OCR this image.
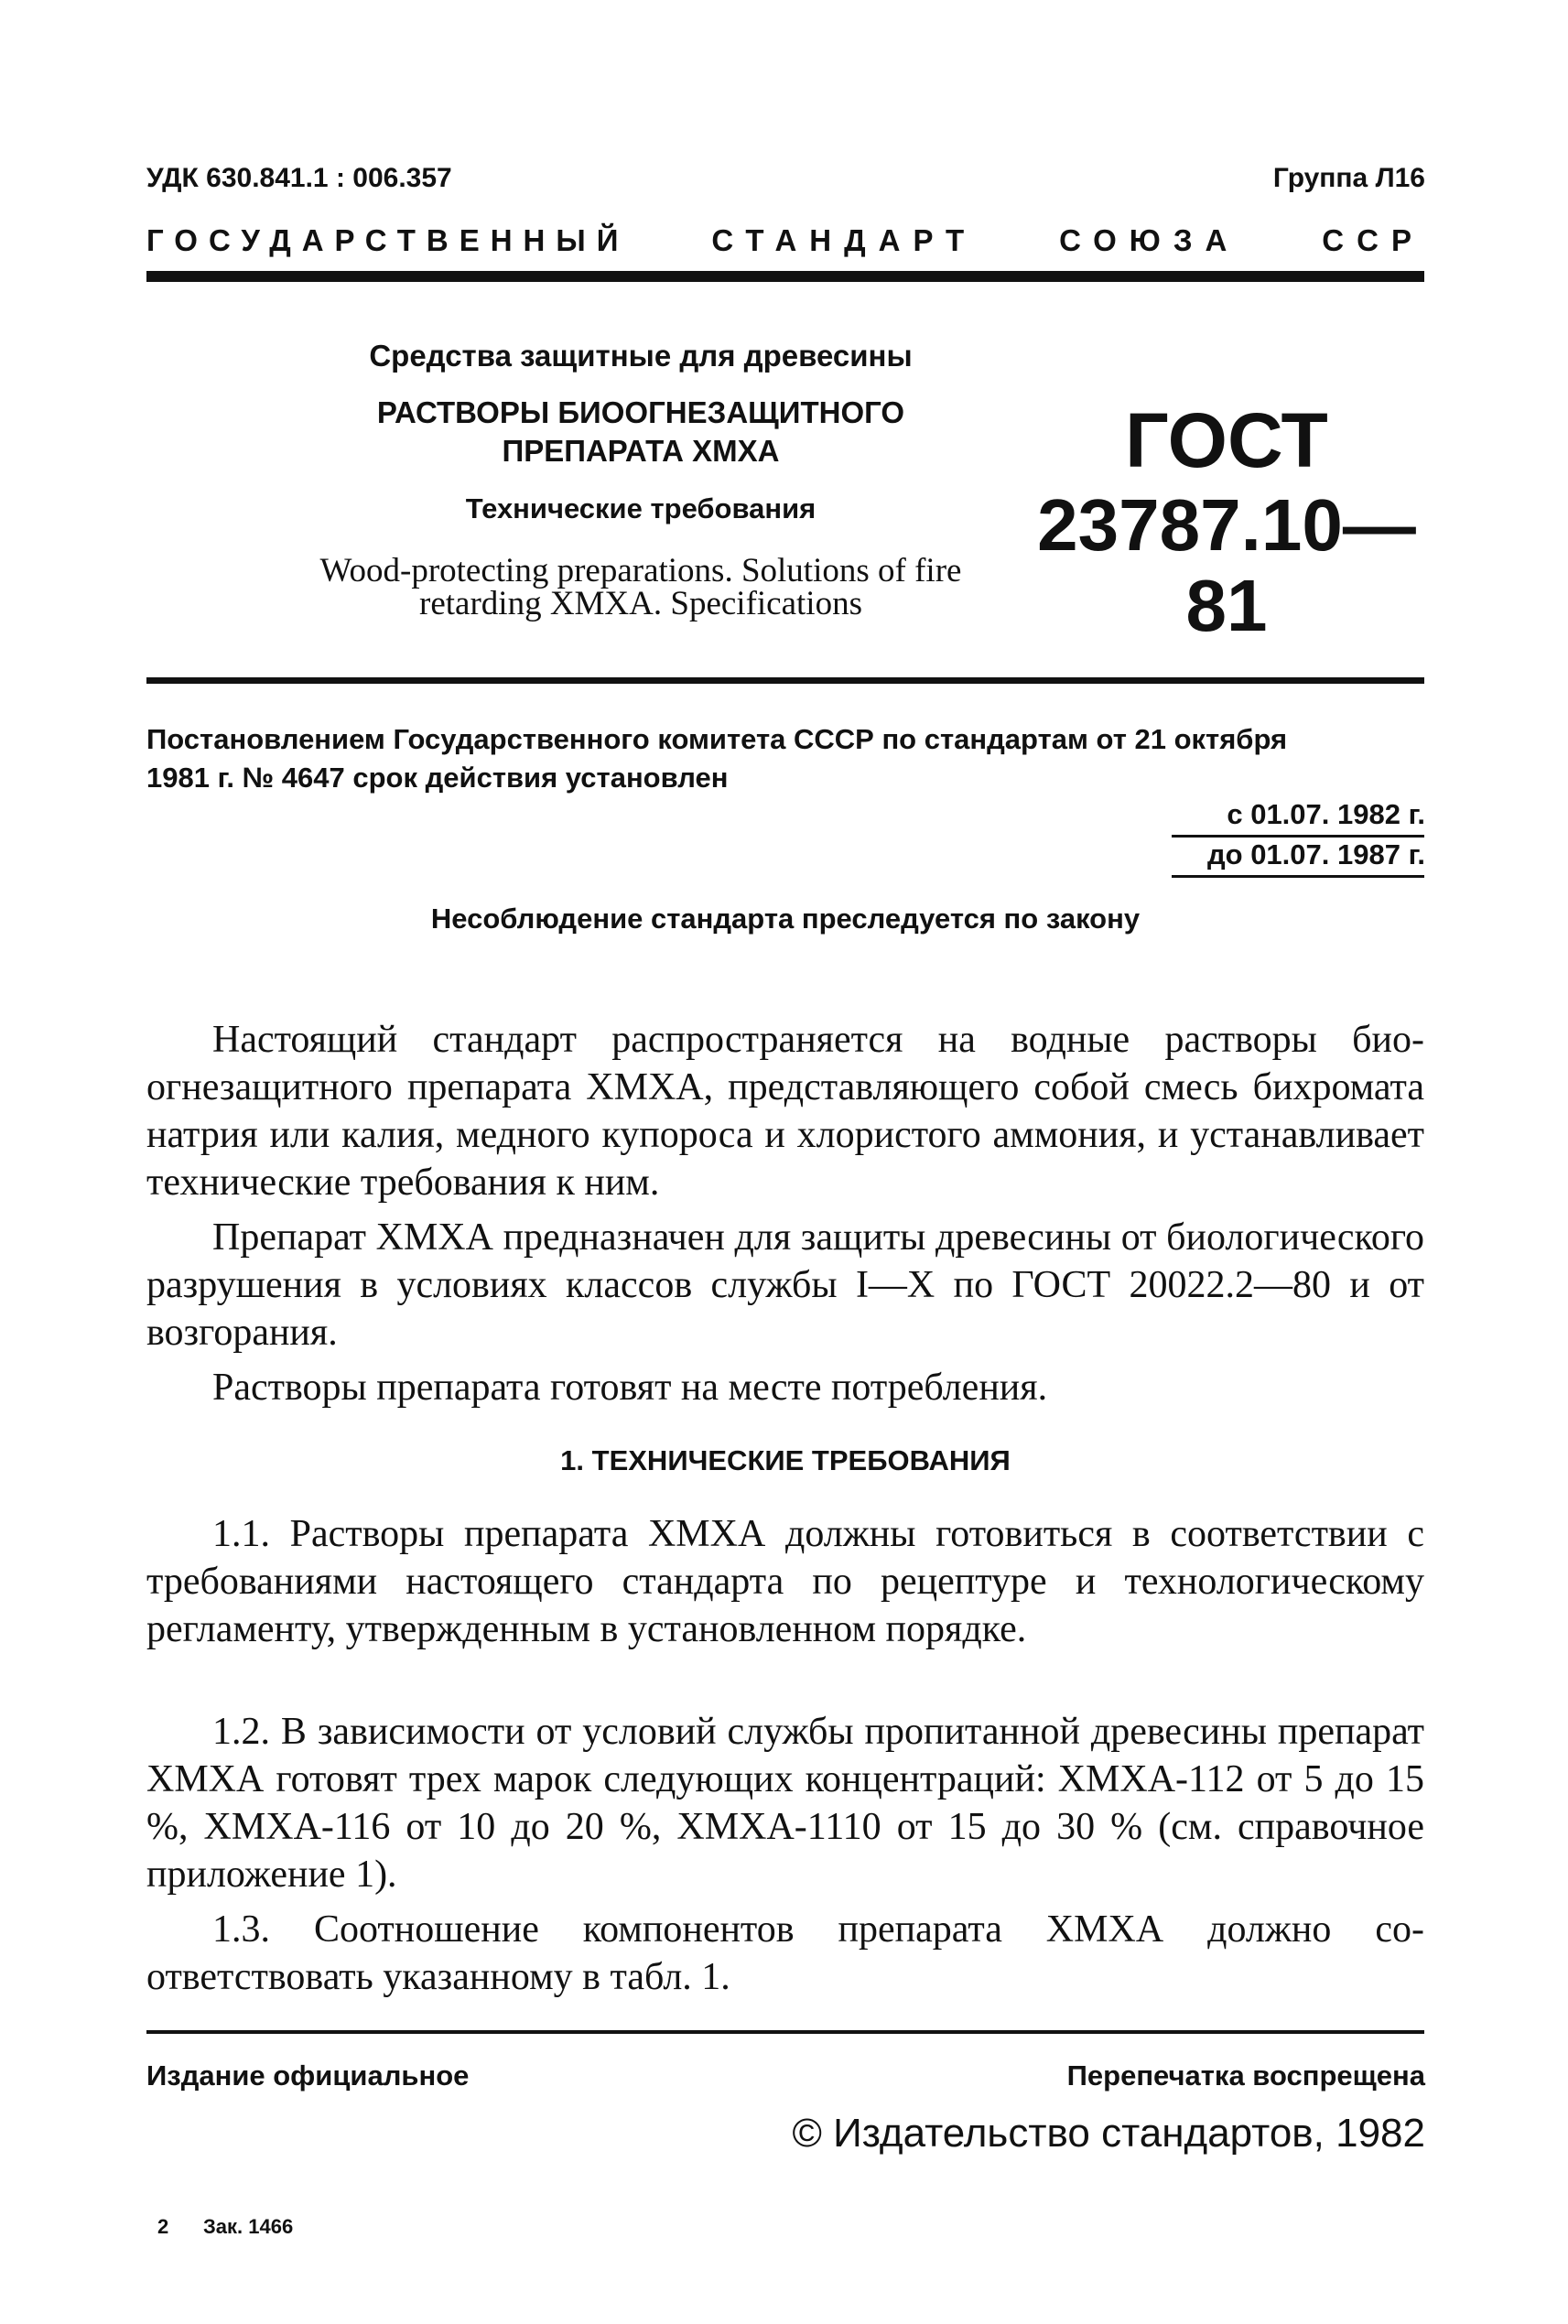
УДК 630.841.1 : 006.357	Группа Л16
ГОСУДАРСТВЕННЫЙ	СТАНДАРТ	СОЮЗА	ССР
Средства защитные для древесины
РАСТВОРЫ БИООГНЕЗАЩИТНОГО
ПРЕПАРАТА ХМХА
Технические требования
Wood-protecting preparations. Solutions of fire
retarding XMXA. Specifications
ГОСТ
23787.10—81
Постановлением Государственного комитета СССР по стандартам от 21 октября
1981 г. № 4647 срок действия установлен
с 01.07. 1982 г.
до 01.07. 1987 г.
Несоблюдение стандарта преследуется по закону
Настоящий стандарт распространяется на водные растворы биоогнезащитного препарата ХМХА, представляющего собой смесь бихромата натрия или калия, медного купороса и хлористого аммония, и устанавливает технические требования к ним.
Препарат ХМХА предназначен для защиты древесины от биологического разрушения в условиях классов службы I—X по ГОСТ 20022.2—80 и от возгорания.
Растворы препарата готовят на месте потребления.
1. ТЕХНИЧЕСКИЕ ТРЕБОВАНИЯ
1.1. Растворы препарата ХМХА должны готовиться в соответствии с требованиями настоящего стандарта по рецептуре и технологическому регламенту, утвержденным в установленном порядке.
1.2. В зависимости от условий службы пропитанной древесины препарат ХМХА готовят трех марок следующих концентраций: ХМХА-112 от 5 до 15 %, ХМХА-116 от 10 до 20 %, ХМХА-1110 от 15 до 30 % (см. справочное приложение 1).
1.3. Соотношение компонентов препарата ХМХА должно соответствовать указанному в табл. 1.
Издание официальное	Перепечатка воспрещена
© Издательство стандартов, 1982
2 Зак. 1466
